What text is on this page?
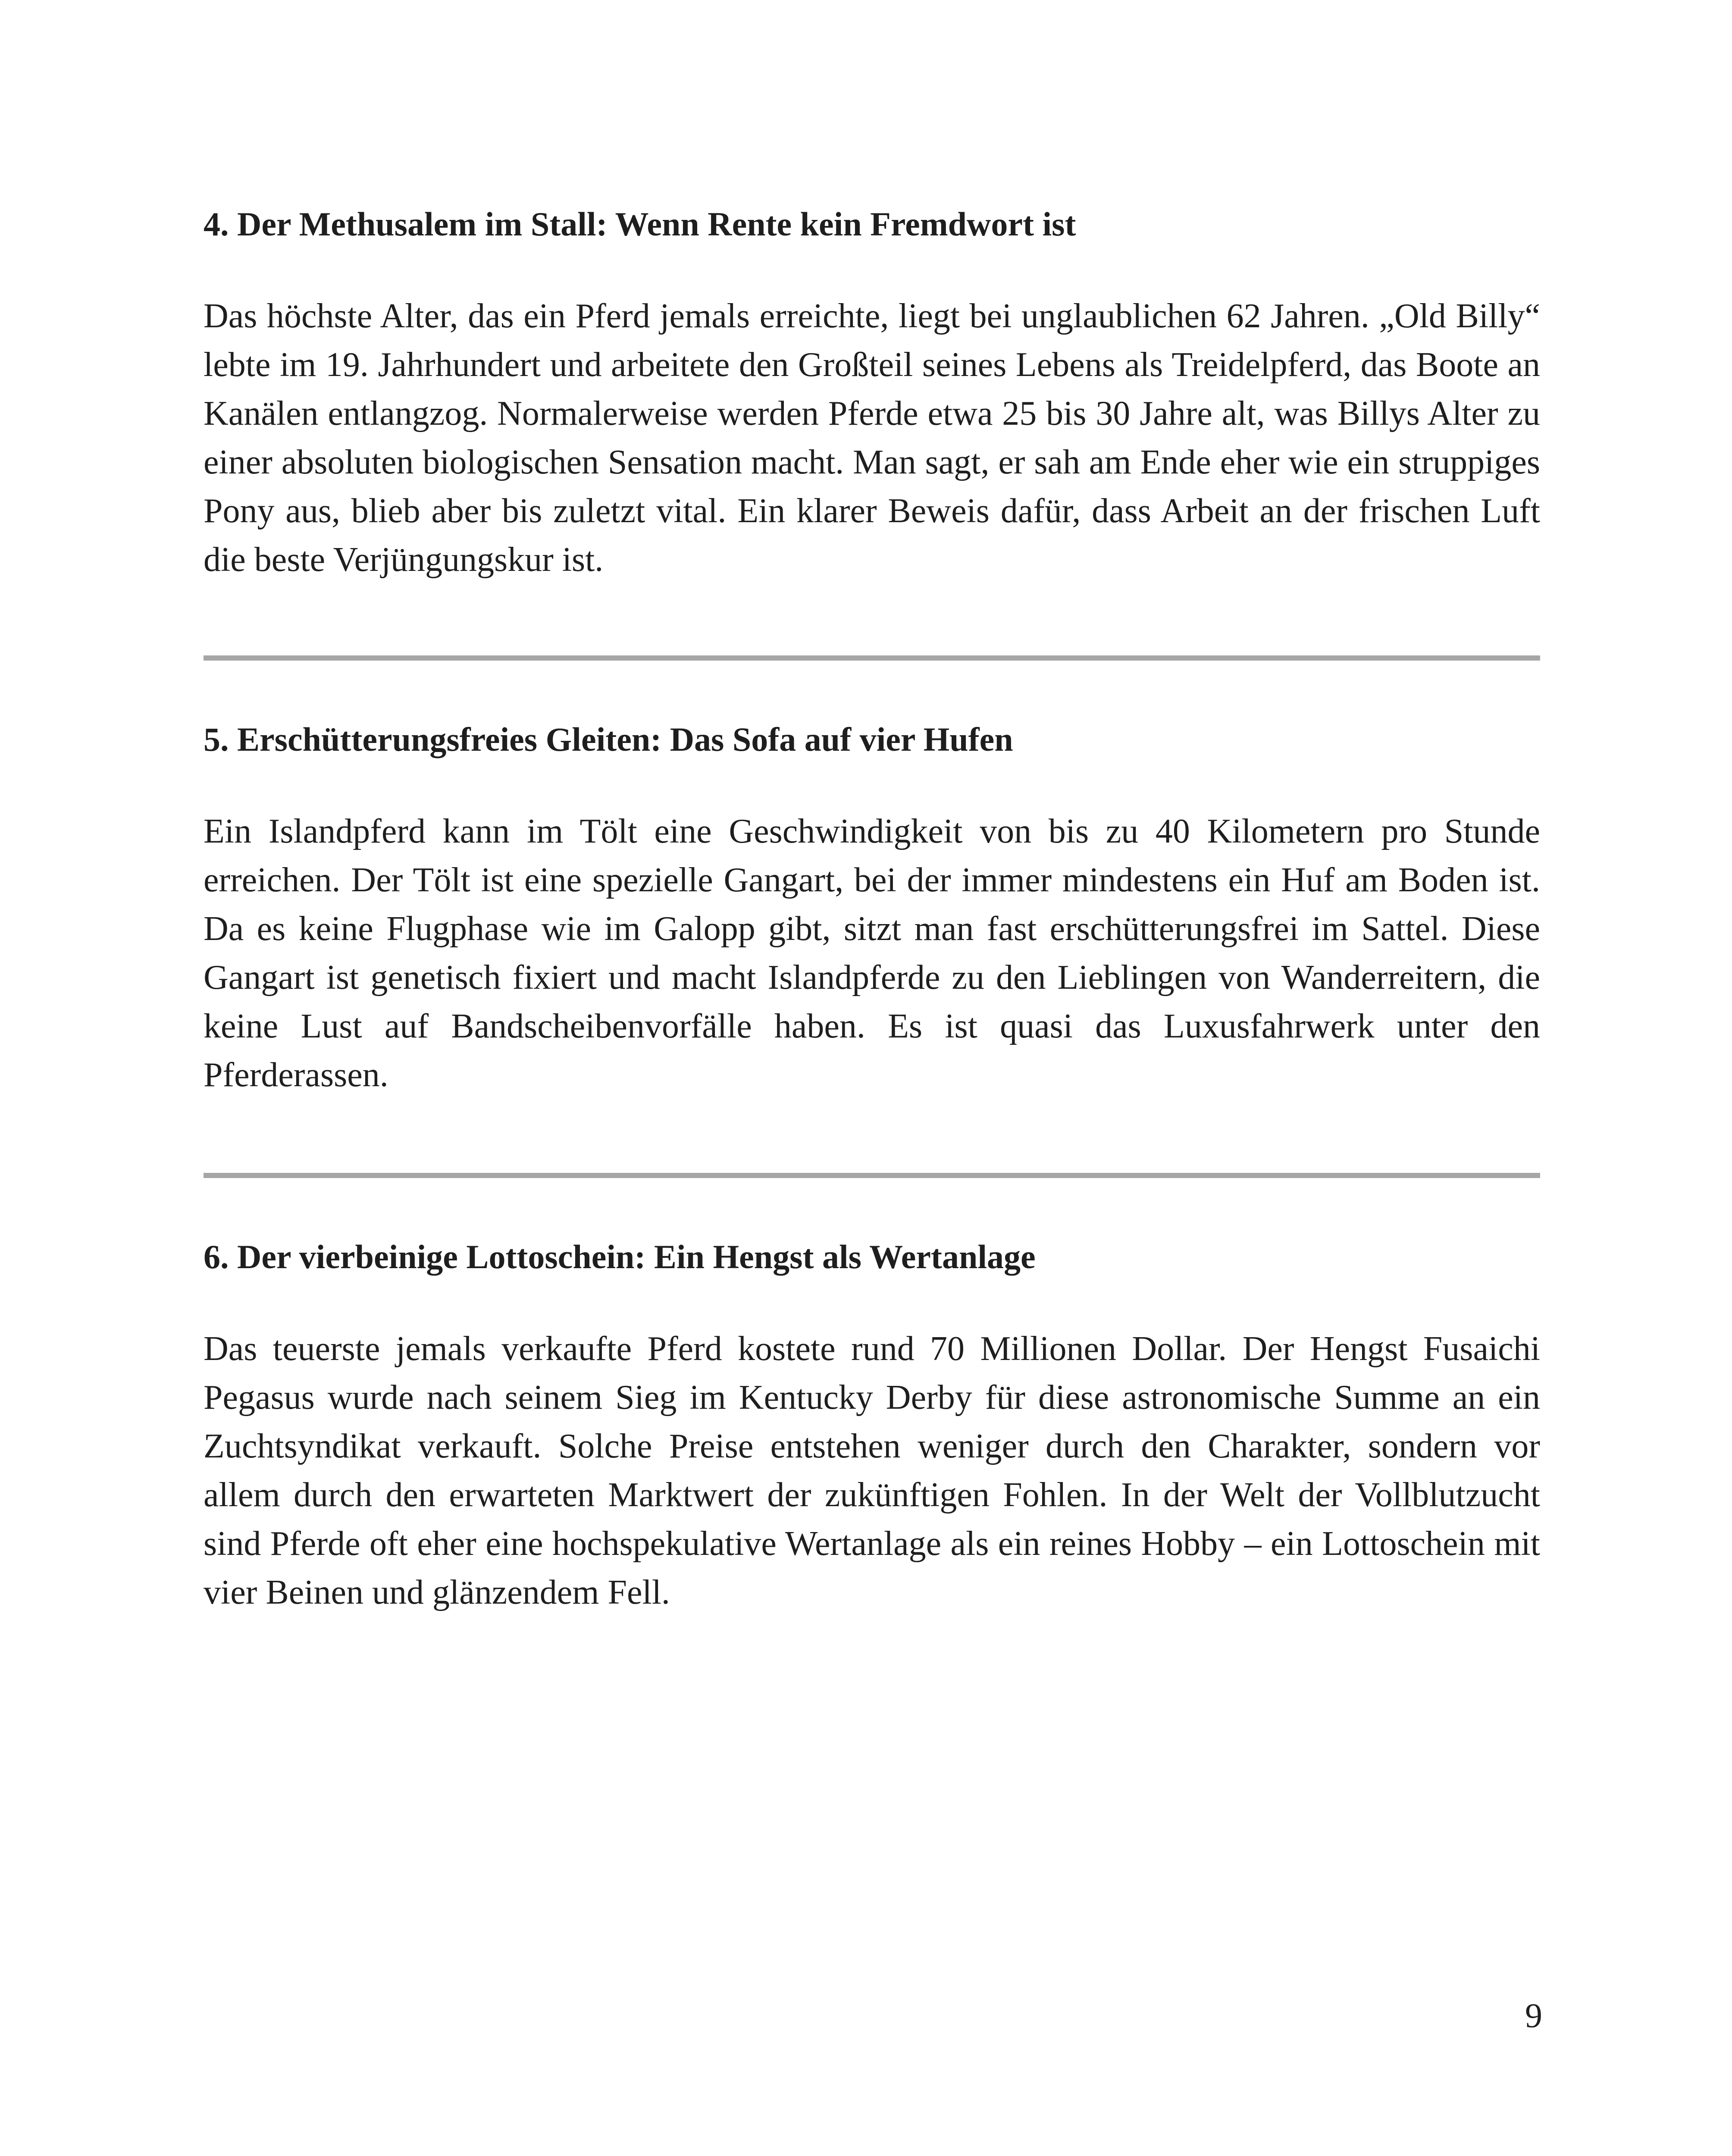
4. Der Methusalem im Stall: Wenn Rente kein Fremdwort ist

Das höchste Alter, das ein Pferd jemals erreichte, liegt bei unglaublichen 62 Jahren. „Old Billy“ lebte im 19. Jahrhundert und arbeitete den Großteil seines Lebens als Treidelpferd, das Boote an Kanälen entlangzog. Normalerweise werden Pferde etwa 25 bis 30 Jahre alt, was Billys Alter zu einer absoluten biologischen Sensation macht. Man sagt, er sah am Ende eher wie ein struppiges Pony aus, blieb aber bis zuletzt vital. Ein klarer Beweis dafür, dass Arbeit an der frischen Luft die beste Verjüngungskur ist.

5. Erschütterungsfreies Gleiten: Das Sofa auf vier Hufen

Ein Islandpferd kann im Tölt eine Geschwindigkeit von bis zu 40 Kilometern pro Stunde erreichen. Der Tölt ist eine spezielle Gangart, bei der immer mindestens ein Huf am Boden ist. Da es keine Flugphase wie im Galopp gibt, sitzt man fast erschütterungsfrei im Sattel. Diese Gangart ist genetisch fixiert und macht Islandpferde zu den Lieblingen von Wanderreitern, die keine Lust auf Bandscheibenvorfälle haben. Es ist quasi das Luxusfahrwerk unter den Pferderassen.

6. Der vierbeinige Lottoschein: Ein Hengst als Wertanlage

Das teuerste jemals verkaufte Pferd kostete rund 70 Millionen Dollar. Der Hengst Fusaichi Pegasus wurde nach seinem Sieg im Kentucky Derby für diese astronomische Summe an ein Zuchtsyndikat verkauft. Solche Preise entstehen weniger durch den Charakter, sondern vor allem durch den erwarteten Marktwert der zukünftigen Fohlen. In der Welt der Vollblutzucht sind Pferde oft eher eine hochspekulative Wertanlage als ein reines Hobby – ein Lottoschein mit vier Beinen und glänzendem Fell.

9
